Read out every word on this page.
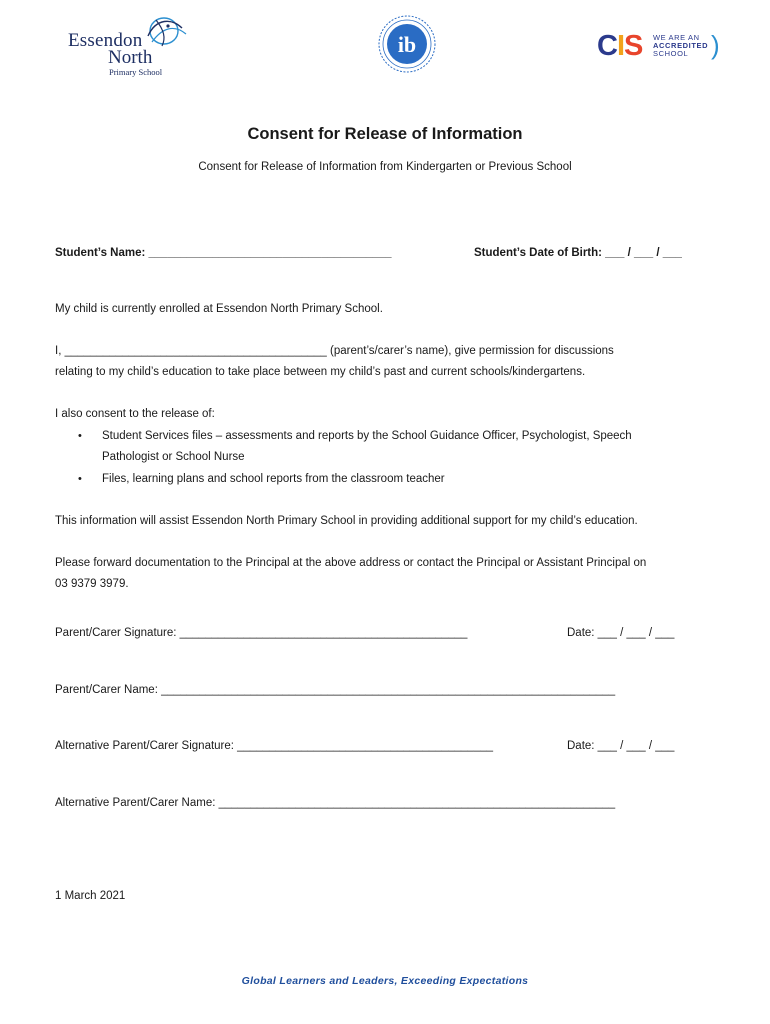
Essendon
North
Primary School
ib	CIS WE ARE AN
ACCREDITED
SCHOOL )
Consent for Release of Information
Consent for Release of Information from Kindergarten or Previous School
Student’s Name: ______________________________________	Student’s Date of Birth: ___ / ___ / ___
My child is currently enrolled at Essendon North Primary School.
I, _________________________________________ (parent’s/carer’s name), give permission for discussions
relating to my child’s education to take place between my child’s past and current schools/kindergartens.
I also consent to the release of:
• Student Services files – assessments and reports by the School Guidance Officer, Psychologist, Speech
Pathologist or School Nurse
• Files, learning plans and school reports from the classroom teacher
This information will assist Essendon North Primary School in providing additional support for my child’s education.
Please forward documentation to the Principal at the above address or contact the Principal or Assistant Principal on
03 9379 3979.
Parent/Carer Signature: _____________________________________________	Date: ___ / ___ / ___
Parent/Carer Name: _______________________________________________________________________
Alternative Parent/Carer Signature: ________________________________________	Date: ___ / ___ / ___
Alternative Parent/Carer Name: ______________________________________________________________
1 March 2021
Global Learners and Leaders, Exceeding Expectations
